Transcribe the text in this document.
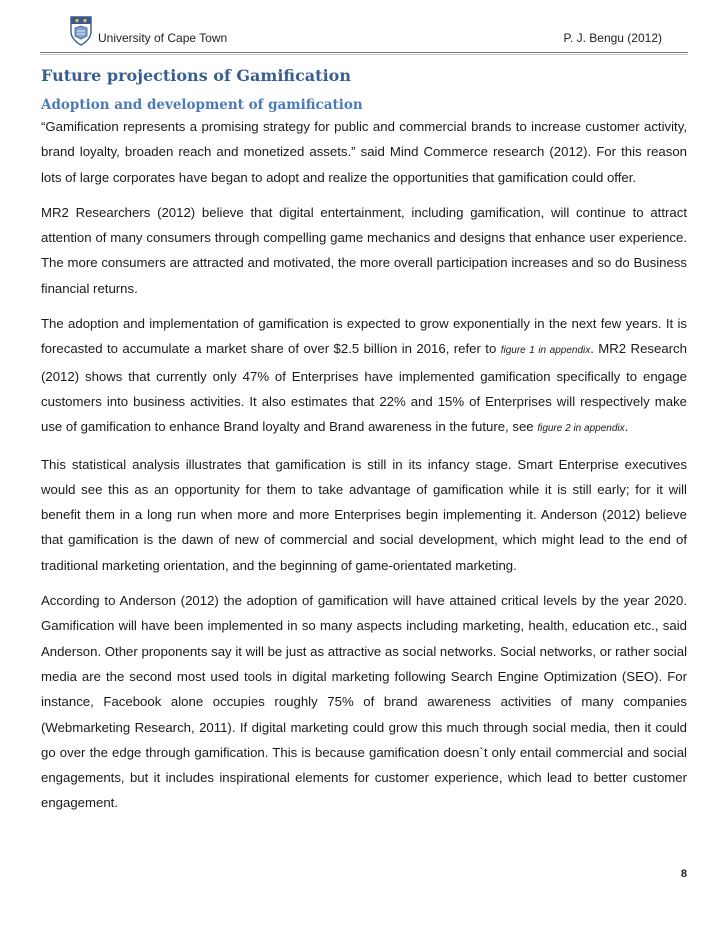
University of Cape Town	P. J. Bengu (2012)
Future projections of Gamification
Adoption and development of gamification

“Gamification represents a promising strategy for public and commercial brands to increase customer activity, brand loyalty, broaden reach and monetized assets.” said Mind Commerce research (2012). For this reason lots of large corporates have began to adopt and realize the opportunities that gamification could offer.

MR2 Researchers (2012) believe that digital entertainment, including gamification, will continue to attract attention of many consumers through compelling game mechanics and designs that enhance user experience. The more consumers are attracted and motivated, the more overall participation increases and so do Business financial returns.

The adoption and implementation of gamification is expected to grow exponentially in the next few years. It is forecasted to accumulate a market share of over $2.5 billion in 2016, refer to figure 1 in appendix. MR2 Research (2012) shows that currently only 47% of Enterprises have implemented gamification specifically to engage customers into business activities. It also estimates that 22% and 15% of Enterprises will respectively make use of gamification to enhance Brand loyalty and Brand awareness in the future, see figure 2 in appendix.

This statistical analysis illustrates that gamification is still in its infancy stage. Smart Enterprise executives would see this as an opportunity for them to take advantage of gamification while it is still early; for it will benefit them in a long run when more and more Enterprises begin implementing it. Anderson (2012) believe that gamification is the dawn of new of commercial and social development, which might lead to the end of traditional marketing orientation, and the beginning of game-orientated marketing.

According to Anderson (2012) the adoption of gamification will have attained critical levels by the year 2020. Gamification will have been implemented in so many aspects including marketing, health, education etc., said Anderson. Other proponents say it will be just as attractive as social networks. Social networks, or rather social media are the second most used tools in digital marketing following Search Engine Optimization (SEO). For instance, Facebook alone occupies roughly 75% of brand awareness activities of many companies (Webmarketing Research, 2011). If digital marketing could grow this much through social media, then it could go over the edge through gamification. This is because gamification doesn`t only entail commercial and social engagements, but it includes inspirational elements for customer experience, which lead to better customer engagement.

8
